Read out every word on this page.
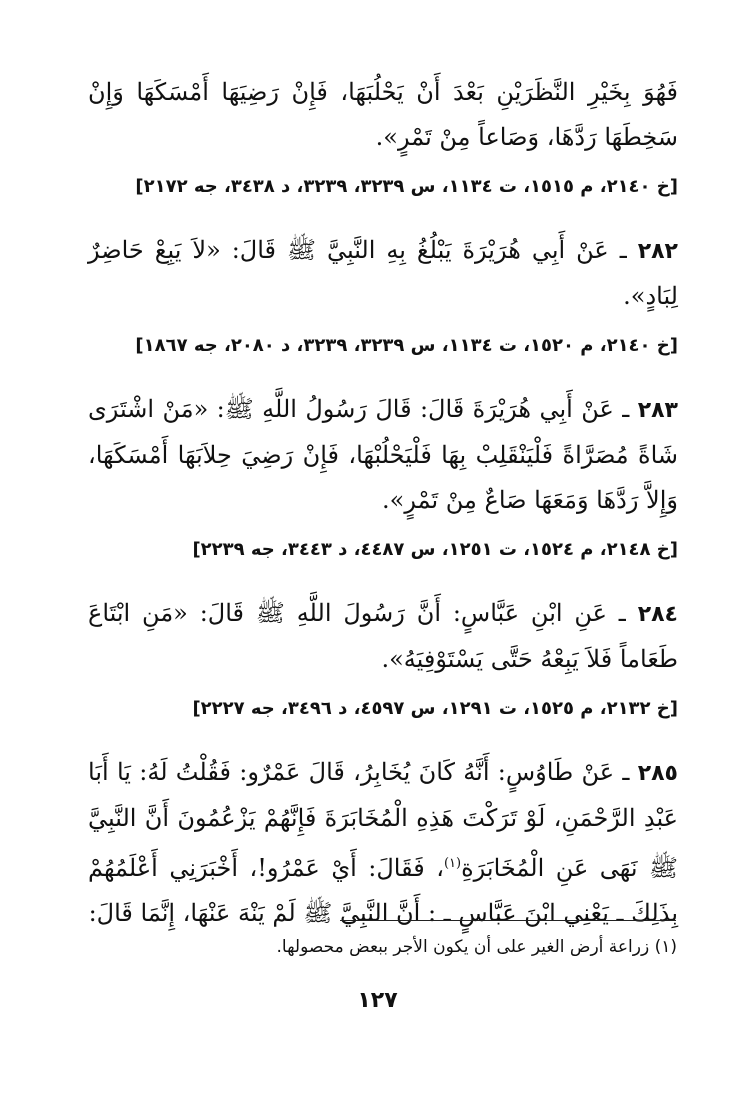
فَهُوَ بِخَيْرِ النَّظَرَيْنِ بَعْدَ أَنْ يَحْلُبَهَا، فَإِنْ رَضِيَهَا أَمْسَكَهَا وَإِنْ سَخِطَهَا رَدَّهَا، وَصَاعاً مِنْ تَمْرٍ».

[خ ٢١٤٠، م ١٥١٥، ت ١١٣٤، س ٣٢٣٩، ٣٢٣٩، د ٣٤٣٨، جه ٢١٧٢]

٢٨٢ ـ عَنْ أَبِي هُرَيْرَةَ يَبْلُغُ بِهِ النَّبِيَّ ﷺ قَالَ: «لاَ يَبِعْ حَاضِرٌ لِبَادٍ».

[خ ٢١٤٠، م ١٥٢٠، ت ١١٣٤، س ٣٢٣٩، ٣٢٣٩، د ٢٠٨٠، جه ١٨٦٧]

٢٨٣ ـ عَنْ أَبِي هُرَيْرَةَ قَالَ: قَالَ رَسُولُ اللَّهِ ﷺ: «مَنْ اشْتَرَى شَاةً مُصَرَّاةً فَلْيَنْقَلِبْ بِهَا فَلْيَحْلُبْهَا، فَإِنْ رَضِيَ حِلاَبَهَا أَمْسَكَهَا، وَإِلاَّ رَدَّهَا وَمَعَهَا صَاعٌ مِنْ تَمْرٍ».

[خ ٢١٤٨، م ١٥٢٤، ت ١٢٥١، س ٤٤٨٧، د ٣٤٤٣، جه ٢٢٣٩]

٢٨٤ ـ عَنِ ابْنِ عَبَّاسٍ: أَنَّ رَسُولَ اللَّهِ ﷺ قَالَ: «مَنِ ابْتَاعَ طَعَاماً فَلاَ يَبِعْهُ حَتَّى يَسْتَوْفِيَهُ».

[خ ٢١٣٢، م ١٥٢٥، ت ١٢٩١، س ٤٥٩٧، د ٣٤٩٦، جه ٢٢٢٧]

٢٨٥ ـ عَنْ طَاوُسٍ: أَنَّهُ كَانَ يُخَابِرُ، قَالَ عَمْرٌو: فَقُلْتُ لَهُ: يَا أَبَا عَبْدِ الرَّحْمَنِ، لَوْ تَرَكْتَ هَذِهِ الْمُخَابَرَةَ فَإِنَّهُمْ يَزْعُمُونَ أَنَّ النَّبِيَّ ﷺ نَهَى عَنِ الْمُخَابَرَةِ$^{(١)}$، فَقَالَ: أَيْ عَمْرُو!، أَخْبَرَنِي أَعْلَمُهُمْ بِذَلِكَ ـ يَعْنِي ابْنَ عَبَّاسٍ ـ : أَنَّ النَّبِيَّ ﷺ لَمْ يَنْهَ عَنْهَا، إِنَّمَا قَالَ:

(١) زراعة أرض الغير على أن يكون الأجر ببعض محصولها.
١٢٧
